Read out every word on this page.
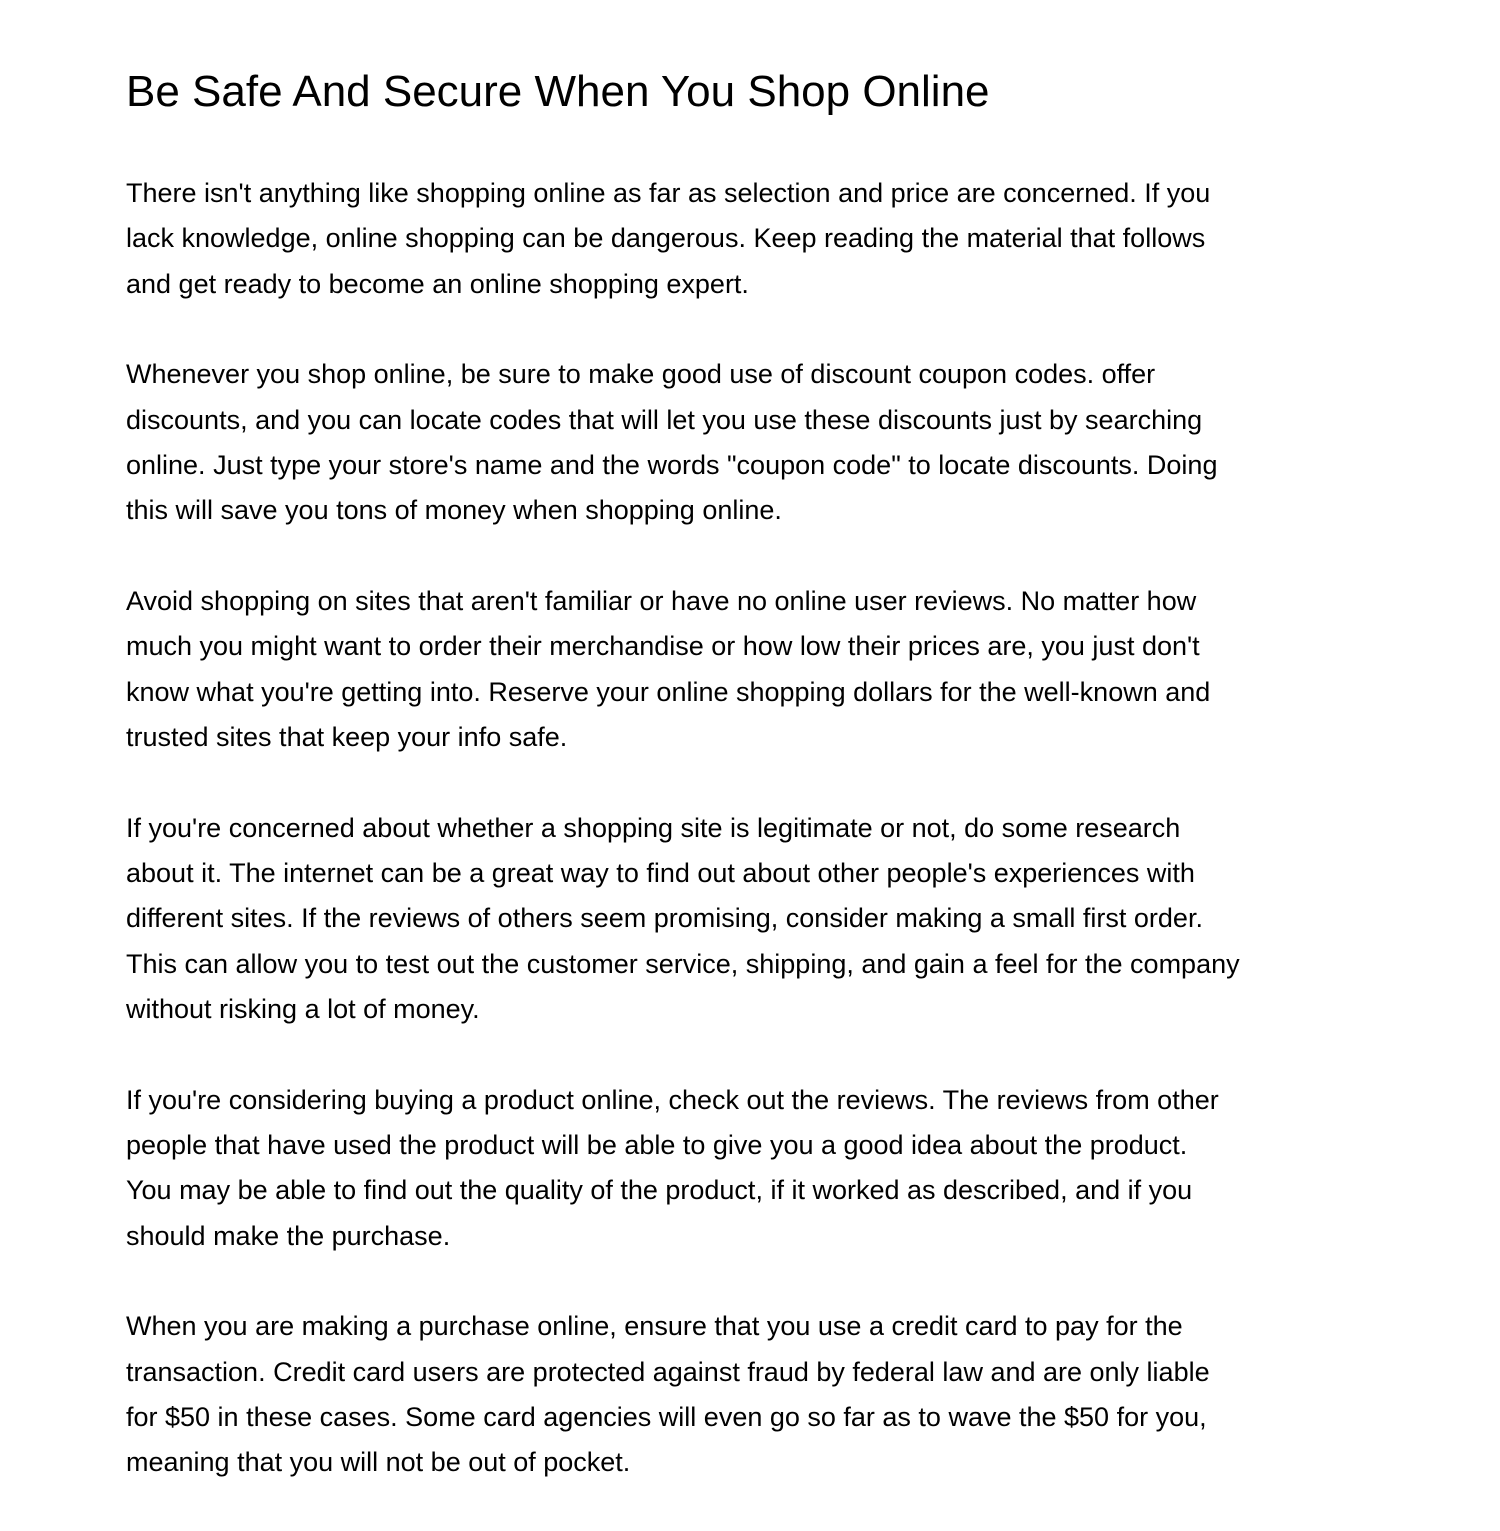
Be Safe And Secure When You Shop Online

There isn't anything like shopping online as far as selection and price are concerned. If you
lack knowledge, online shopping can be dangerous. Keep reading the material that follows
and get ready to become an online shopping expert.

Whenever you shop online, be sure to make good use of discount coupon codes. offer
discounts, and you can locate codes that will let you use these discounts just by searching
online. Just type your store's name and the words "coupon code" to locate discounts. Doing
this will save you tons of money when shopping online.

Avoid shopping on sites that aren't familiar or have no online user reviews. No matter how
much you might want to order their merchandise or how low their prices are, you just don't
know what you're getting into. Reserve your online shopping dollars for the well-known and
trusted sites that keep your info safe.

If you're concerned about whether a shopping site is legitimate or not, do some research
about it. The internet can be a great way to find out about other people's experiences with
different sites. If the reviews of others seem promising, consider making a small first order.
This can allow you to test out the customer service, shipping, and gain a feel for the company
without risking a lot of money.

If you're considering buying a product online, check out the reviews. The reviews from other
people that have used the product will be able to give you a good idea about the product.
You may be able to find out the quality of the product, if it worked as described, and if you
should make the purchase.

When you are making a purchase online, ensure that you use a credit card to pay for the
transaction. Credit card users are protected against fraud by federal law and are only liable
for $50 in these cases. Some card agencies will even go so far as to wave the $50 for you,
meaning that you will not be out of pocket.
